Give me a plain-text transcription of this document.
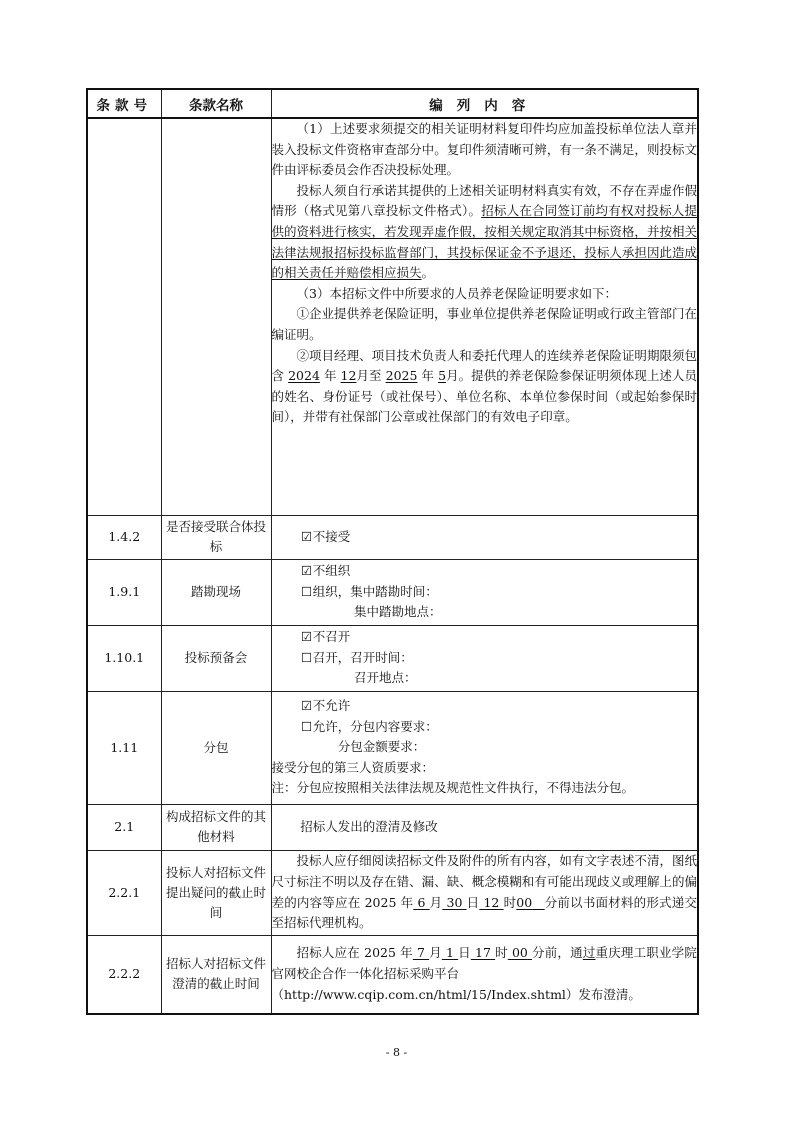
条款号	条款名称	编列内容

		（1）上述要求须提交的相关证明材料复印件均应加盖投标单位法人章并装入投标文件资格审查部分中。复印件须清晰可辨，有一条不满足，则投标文件由评标委员会作否决投标处理。

投标人须自行承诺其提供的上述相关证明材料真实有效，不存在弄虚作假情形（格式见第八章投标文件格式）。招标人在合同签订前均有权对投标人提供的资料进行核实，若发现弄虚作假，按相关规定取消其中标资格，并按相关法律法规报招标投标监督部门，其投标保证金不予退还，投标人承担因此造成的相关责任并赔偿相应损失。

（3）本招标文件中所要求的人员养老保险证明要求如下：

①企业提供养老保险证明，事业单位提供养老保险证明或行政主管部门在编证明。

②项目经理、项目技术负责人和委托代理人的连续养老保险证明期限须包含 2024 年 12月至 2025 年 5月。提供的养老保险参保证明须体现上述人员的姓名、身份证号（或社保号）、单位名称、本单位参保时间（或起始参保时间），并带有社保部门公章或社保部门的有效电子印章。

1.4.2	是否接受联合体投标	☑不接受

1.9.1	踏勘现场	☑不组织

☐组织，集中踏勘时间：

集中踏勘地点：

1.10.1	投标预备会	☑不召开

☐召开，召开时间：

召开地点：

1.11	分包	☑不允许

☐允许，分包内容要求：

分包金额要求：

接受分包的第三人资质要求：

注：分包应按照相关法律法规及规范性文件执行，不得违法分包。

2.1	构成招标文件的其他材料	招标人发出的澄清及修改

2.2.1	投标人对招标文件提出疑问的截止时间	投标人应仔细阅读招标文件及附件的所有内容，如有文字表述不清，图纸尺寸标注不明以及存在错、漏、缺、概念模糊和有可能出现歧义或理解上的偏差的内容等应在 2025 年 6 月 30 日 12 时00 分前以书面材料的形式递交至招标代理机构。

2.2.2	招标人对招标文件澄清的截止时间	招标人应在 2025 年 7 月 1 日 17 时 00 分前，通过重庆理工职业学院官网校企合作一体化招标采购平台

（http://www.cqip.com.cn/html/15/Index.shtml）发布澄清。

- 8 -
